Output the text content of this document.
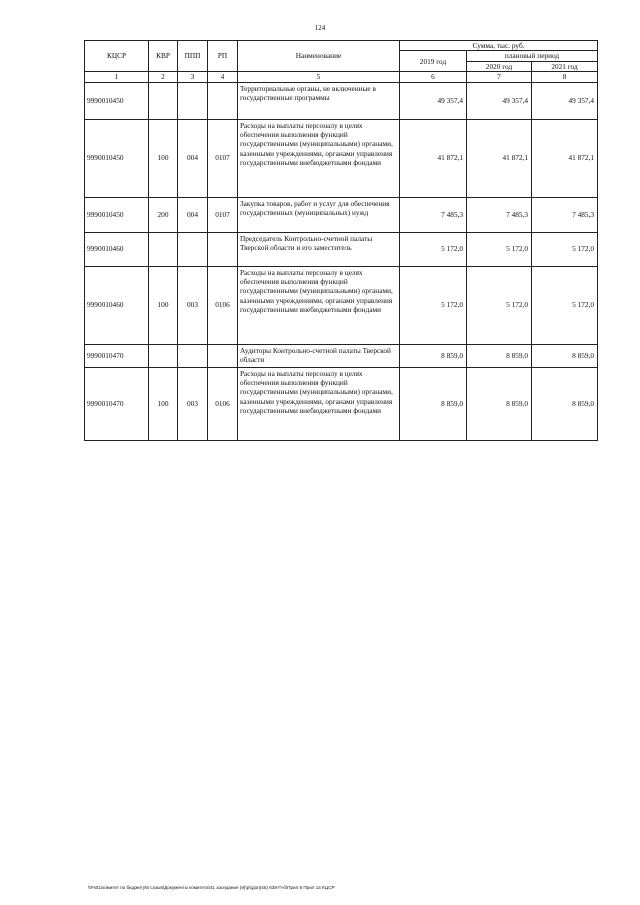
124
КЦСР	КВР	ППП	РП	Наименование	Сумма, тыс. руб.		
					2019 год	плановый период	
						2020 год	2021 год
1	2	3	4	5	6	7	8
9990010450				Территориальные органы, не включенные в государственные программы	49 357,4	49 357,4	49 357,4
9990010450	100	004	0107	Расходы на выплаты персоналу в целях обеспечения выполнения функций государственными (муниципальными) органами, казенными учреждениями, органами управления государственными внебюджетными фондами	41 872,1	41 872,1	41 872,1
9990010450	200	004	0107	Закупка товаров, работ и услуг для обеспечения государственных (муниципальных) нужд	7 485,3	7 485,3	7 485,3
9990010460				Председатель Контрольно-счетной палаты Тверской области и его заместитель	5 172,0	5 172,0	5 172,0
9990010460	100	003	0106	Расходы на выплаты персоналу в целях обеспечения выполнения функций государственными (муниципальными) органами, казенными учреждениями, органами управления государственными внебюджетными фондами	5 172,0	5 172,0	5 172,0
9990010470				Аудиторы Контрольно-счетной палаты Тверской области	8 859,0	8 859,0	8 859,0
9990010470	100	003	0106	Расходы на выплаты персоналу в целях обеспечения выполнения функций государственными (муниципальными) органами, казенными учреждениями, органами управления государственными внебюджетными фондами	8 859,0	8 859,0	8 859,0
\\Fs01\комитет по бюджету\6 созыв\Документы комитета\41 заседание (9)\р\(доп)45) 638-П-б\Прил 8 Прил 14 КЦСР
